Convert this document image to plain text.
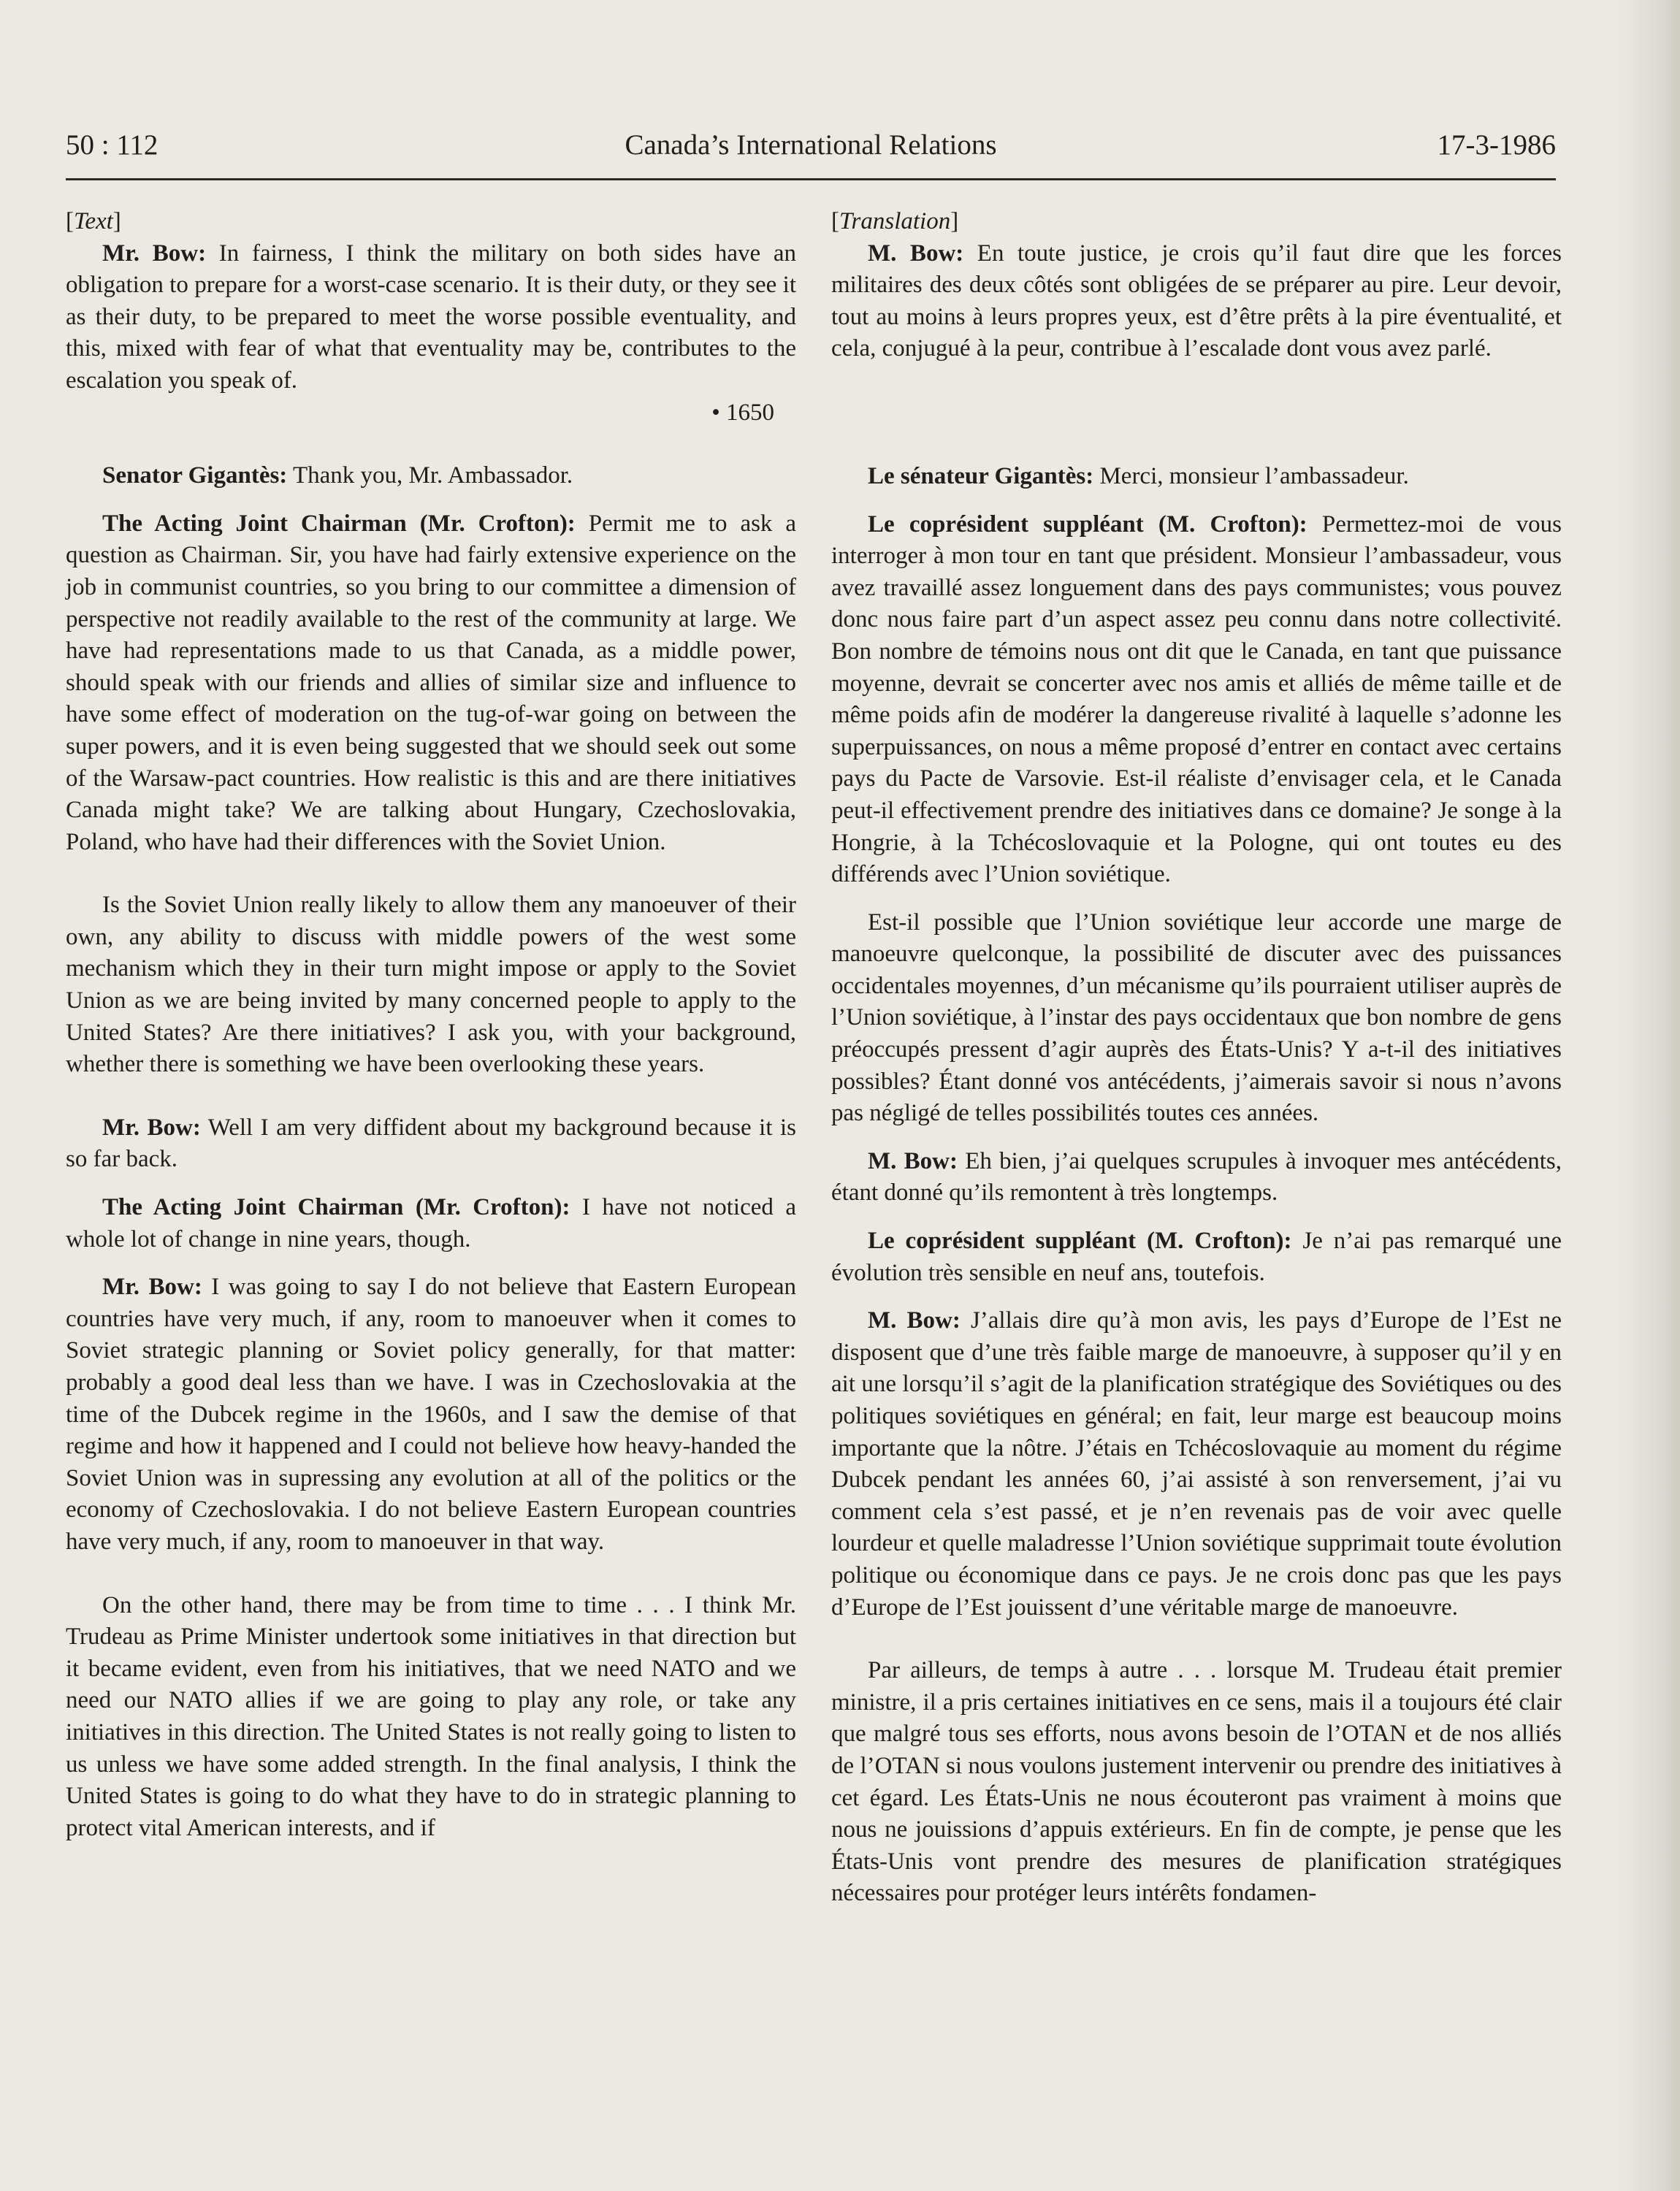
50 : 112	Canada’s International Relations	17-3-1986

[Text]

Mr. Bow: In fairness, I think the military on both sides have an obligation to prepare for a worst-case scenario. It is their duty, or they see it as their duty, to be prepared to meet the worse possible eventuality, and this, mixed with fear of what that eventuality may be, contributes to the escalation you speak of.

• 1650

Senator Gigantès: Thank you, Mr. Ambassador.

The Acting Joint Chairman (Mr. Crofton): Permit me to ask a question as Chairman. Sir, you have had fairly extensive experience on the job in communist countries, so you bring to our committee a dimension of perspective not readily available to the rest of the community at large. We have had representations made to us that Canada, as a middle power, should speak with our friends and allies of similar size and influence to have some effect of moderation on the tug-of-war going on between the super powers, and it is even being suggested that we should seek out some of the Warsaw-pact countries. How realistic is this and are there initiatives Canada might take? We are talking about Hungary, Czechoslovakia, Poland, who have had their differences with the Soviet Union.

Is the Soviet Union really likely to allow them any manoeuver of their own, any ability to discuss with middle powers of the west some mechanism which they in their turn might impose or apply to the Soviet Union as we are being invited by many concerned people to apply to the United States? Are there initiatives? I ask you, with your background, whether there is something we have been overlooking these years.

Mr. Bow: Well I am very diffident about my background because it is so far back.

The Acting Joint Chairman (Mr. Crofton): I have not noticed a whole lot of change in nine years, though.

Mr. Bow: I was going to say I do not believe that Eastern European countries have very much, if any, room to manoeuver when it comes to Soviet strategic planning or Soviet policy generally, for that matter: probably a good deal less than we have. I was in Czechoslovakia at the time of the Dubcek regime in the 1960s, and I saw the demise of that regime and how it happened and I could not believe how heavy-handed the Soviet Union was in supressing any evolution at all of the politics or the economy of Czechoslovakia. I do not believe Eastern European countries have very much, if any, room to manoeuver in that way.

On the other hand, there may be from time to time . . . I think Mr. Trudeau as Prime Minister undertook some initiatives in that direction but it became evident, even from his initiatives, that we need NATO and we need our NATO allies if we are going to play any role, or take any initiatives in this direction. The United States is not really going to listen to us unless we have some added strength. In the final analysis, I think the United States is going to do what they have to do in strategic planning to protect vital American interests, and if

[Translation]

M. Bow: En toute justice, je crois qu’il faut dire que les forces militaires des deux côtés sont obligées de se préparer au pire. Leur devoir, tout au moins à leurs propres yeux, est d’être prêts à la pire éventualité, et cela, conjugué à la peur, contribue à l’escalade dont vous avez parlé.

Le sénateur Gigantès: Merci, monsieur l’ambassadeur.

Le coprésident suppléant (M. Crofton): Permettez-moi de vous interroger à mon tour en tant que président. Monsieur l’ambassadeur, vous avez travaillé assez longuement dans des pays communistes; vous pouvez donc nous faire part d’un aspect assez peu connu dans notre collectivité. Bon nombre de témoins nous ont dit que le Canada, en tant que puissance moyenne, devrait se concerter avec nos amis et alliés de même taille et de même poids afin de modérer la dangereuse rivalité à laquelle s’adonne les superpuissances, on nous a même proposé d’entrer en contact avec certains pays du Pacte de Varsovie. Est-il réaliste d’envisager cela, et le Canada peut-il effectivement prendre des initiatives dans ce domaine? Je songe à la Hongrie, à la Tchécoslovaquie et la Pologne, qui ont toutes eu des différends avec l’Union soviétique.

Est-il possible que l’Union soviétique leur accorde une marge de manoeuvre quelconque, la possibilité de discuter avec des puissances occidentales moyennes, d’un mécanisme qu’ils pourraient utiliser auprès de l’Union soviétique, à l’instar des pays occidentaux que bon nombre de gens préoccupés pressent d’agir auprès des États-Unis? Y a-t-il des initiatives possibles? Étant donné vos antécédents, j’aimerais savoir si nous n’avons pas négligé de telles possibilités toutes ces années.

M. Bow: Eh bien, j’ai quelques scrupules à invoquer mes antécédents, étant donné qu’ils remontent à très longtemps.

Le coprésident suppléant (M. Crofton): Je n’ai pas remarqué une évolution très sensible en neuf ans, toutefois.

M. Bow: J’allais dire qu’à mon avis, les pays d’Europe de l’Est ne disposent que d’une très faible marge de manoeuvre, à supposer qu’il y en ait une lorsqu’il s’agit de la planification stratégique des Soviétiques ou des politiques soviétiques en général; en fait, leur marge est beaucoup moins importante que la nôtre. J’étais en Tchécoslovaquie au moment du régime Dubcek pendant les années 60, j’ai assisté à son renversement, j’ai vu comment cela s’est passé, et je n’en revenais pas de voir avec quelle lourdeur et quelle maladresse l’Union soviétique supprimait toute évolution politique ou économique dans ce pays. Je ne crois donc pas que les pays d’Europe de l’Est jouissent d’une véritable marge de manoeuvre.

Par ailleurs, de temps à autre . . . lorsque M. Trudeau était premier ministre, il a pris certaines initiatives en ce sens, mais il a toujours été clair que malgré tous ses efforts, nous avons besoin de l’OTAN et de nos alliés de l’OTAN si nous voulons justement intervenir ou prendre des initiatives à cet égard. Les États-Unis ne nous écouteront pas vraiment à moins que nous ne jouissions d’appuis extérieurs. En fin de compte, je pense que les États-Unis vont prendre des mesures de planification stratégiques nécessaires pour protéger leurs intérêts fondamen-
